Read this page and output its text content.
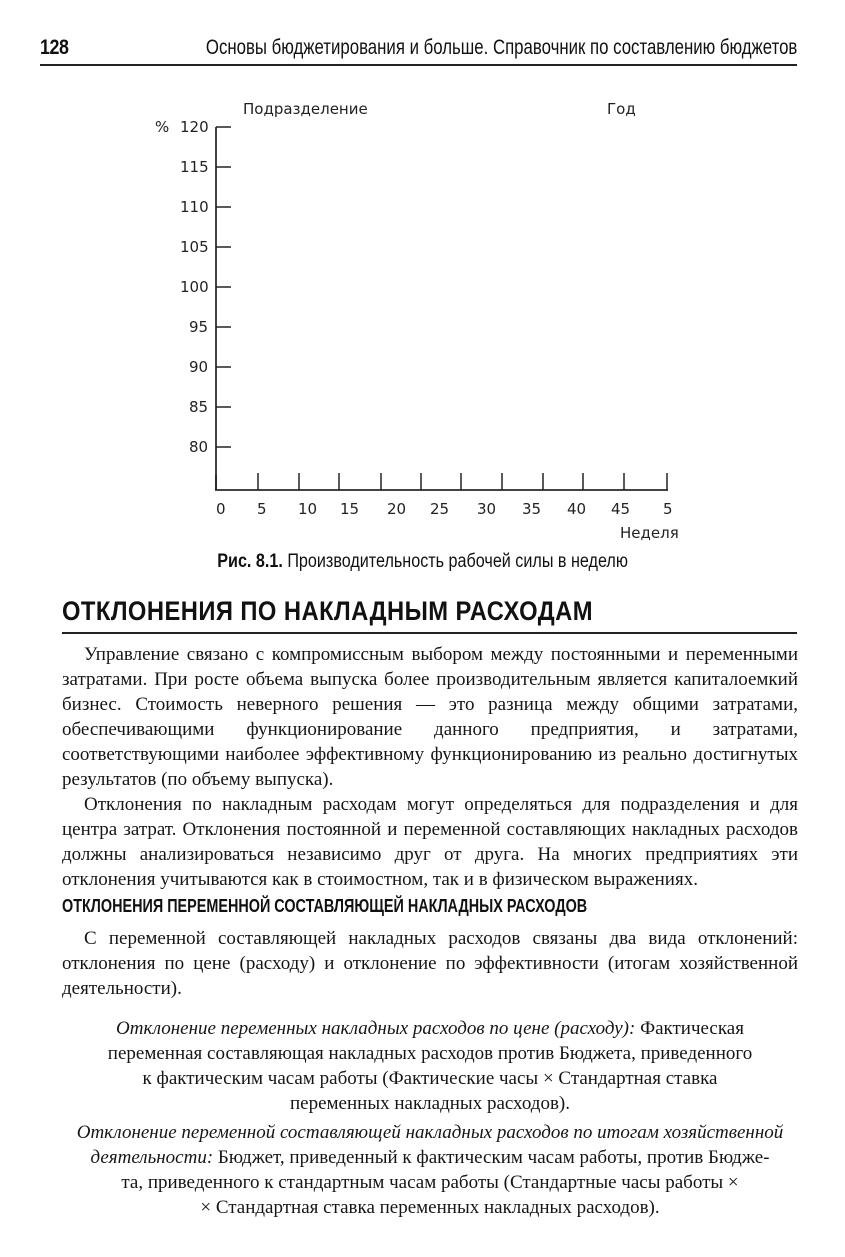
128	Основы бюджетирования и больше. Справочник по составлению бюджетов
Подразделение	Год
% 120
115
110
105
100
95
90
85
80
0 5 10 15 20 25 30 35 40 45 5
Неделя
Рис. 8.1. Производительность рабочей силы в неделю
ОТКЛОНЕНИЯ ПО НАКЛАДНЫМ РАСХОДАМ
Управление связано с компромиссным выбором между постоянными и переменными затратами. При росте объема выпуска более производительным является капиталоемкий бизнес. Стоимость неверного решения — это разница между общими затратами, обеспечивающими функционирование данного предприятия, и затратами, соответствующими наиболее эффективному функционированию из реально достигнутых результатов (по объему выпуска).
Отклонения по накладным расходам могут определяться для подразделения и для центра затрат. Отклонения постоянной и переменной составляющих накладных расходов должны анализироваться независимо друг от друга. На многих предприятиях эти отклонения учитываются как в стоимостном, так и в физическом выражениях.
ОТКЛОНЕНИЯ ПЕРЕМЕННОЙ СОСТАВЛЯЮЩЕЙ НАКЛАДНЫХ РАСХОДОВ
С переменной составляющей накладных расходов связаны два вида отклонений: отклонения по цене (расходу) и отклонение по эффективности (итогам хозяйственной деятельности).
Отклонение переменных накладных расходов по цене (расходу): Фактическая
переменная составляющая накладных расходов против Бюджета, приведенного
к фактическим часам работы (Фактические часы × Стандартная ставка
переменных накладных расходов).
Отклонение переменной составляющей накладных расходов по итогам хозяйственной
деятельности: Бюджет, приведенный к фактическим часам работы, против Бюдже-
та, приведенного к стандартным часам работы (Стандартные часы работы ×
× Стандартная ставка переменных накладных расходов).
